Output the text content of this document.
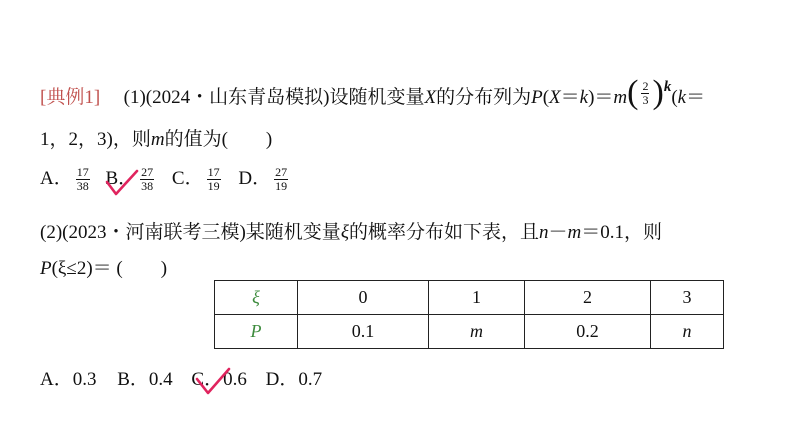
[典例1] (1)(2024・山东青岛模拟)设随机变量X的分布列为P(X＝k)＝m ( $\frac{2}{3} )^k$
(k＝
1，2，3)，则m的值为(　　)
A． $\frac{17}{38}$ B． $\frac{27}{38}$ C． $\frac{17}{19}$ D． $\frac{27}{19}$
(2)(2023・河南联考三模)某随机变量ξ的概率分布如下表，且n－m＝0.1，则
P(ξ≤2)＝ (　　)
ξ	0	1	2	3
P	0.1	m	0.2	n
A．0.3 B．0.4 C．0.6 D．0.7
